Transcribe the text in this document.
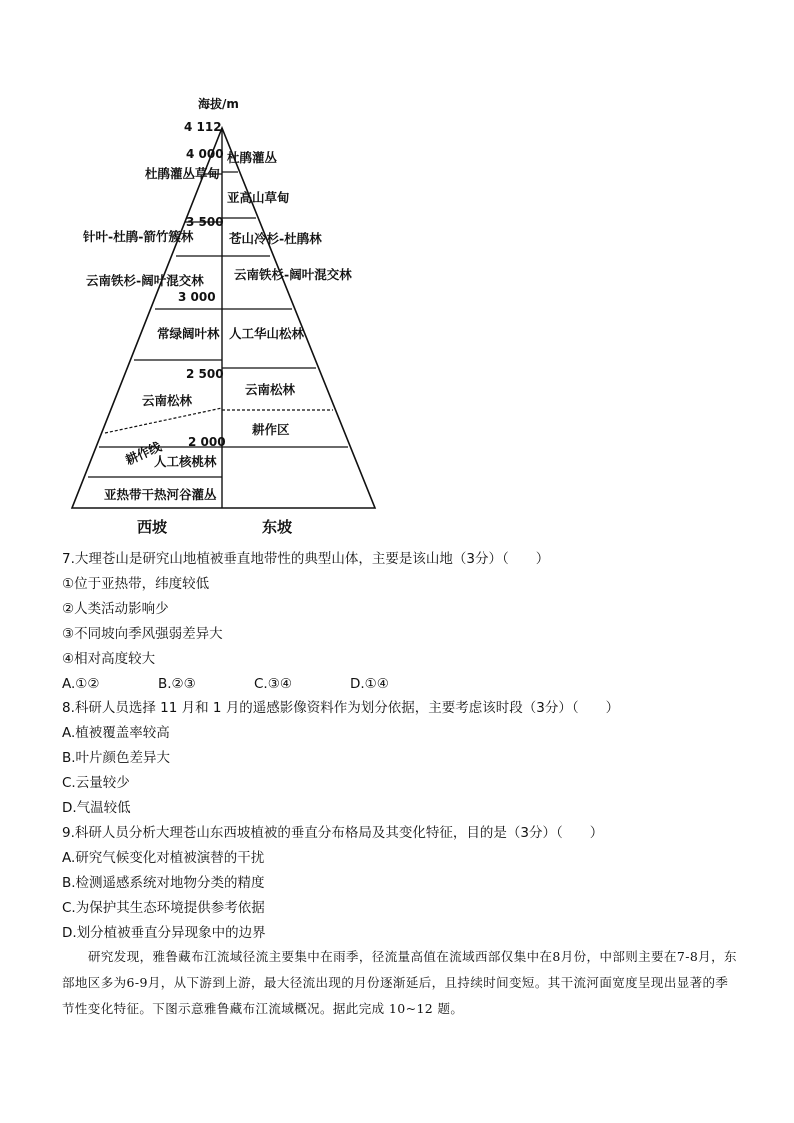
海拔/m
4 112
4 000
3 500
3 000
2 500
2 000
杜鹃灌丛草甸
针叶-杜鹃-箭竹簇林
云南铁杉-阔叶混交林
常绿阔叶林
云南松林
人工核桃林
亚热带干热河谷灌丛
耕作线
杜鹃灌丛
亚高山草甸
苍山冷杉-杜鹃林
云南铁杉-阔叶混交林
人工华山松林
云南松林
耕作区
西坡	东坡
7.大理苍山是研究山地植被垂直地带性的典型山体，主要是该山地（3分）（　　）
①位于亚热带，纬度较低
②人类活动影响少
③不同坡向季风强弱差异大
④相对高度较大
A.①②	B.②③	C.③④	D.①④
8.科研人员选择 11 月和 1 月的遥感影像资料作为划分依据，主要考虑该时段（3分）（　　）
A.植被覆盖率较高
B.叶片颜色差异大
C.云量较少
D.气温较低
9.科研人员分析大理苍山东西坡植被的垂直分布格局及其变化特征，目的是（3分）（　　）
A.研究气候变化对植被演替的干扰
B.检测遥感系统对地物分类的精度
C.为保护其生态环境提供参考依据
D.划分植被垂直分异现象中的边界
研究发现，雅鲁藏布江流域径流主要集中在雨季，径流量高值在流域西部仅集中在8月份，中部则主要在7-8月，东部地区多为6-9月，从下游到上游，最大径流出现的月份逐渐延后，且持续时间变短。其干流河面宽度呈现出显著的季节性变化特征。下图示意雅鲁藏布江流域概况。据此完成 10~12 题。
